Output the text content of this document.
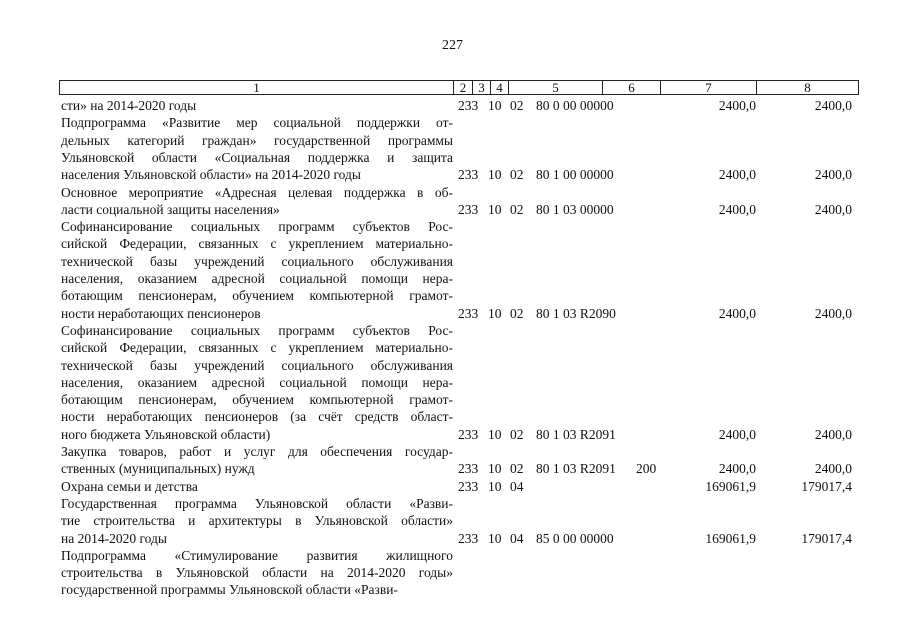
227
1	2 3 4	5	6	7	8
сти» на 2014-2020 годы	233 10 02 80 0 00 00000	2400,0	2400,0
Подпрограмма «Развитие мер социальной поддержки от-
дельных категорий граждан» государственной программы
Ульяновской области «Социальная поддержка и защита
населения Ульяновской области» на 2014-2020 годы	233 10 02 80 1 00 00000	2400,0	2400,0
Основное мероприятие «Адресная целевая поддержка в об-
ласти социальной защиты населения»	233 10 02 80 1 03 00000	2400,0	2400,0
Софинансирование социальных программ субъектов Рос-
сийской Федерации, связанных с укреплением материально-
технической базы учреждений социального обслуживания
населения, оказанием адресной социальной помощи нера-
ботающим пенсионерам, обучением компьютерной грамот-
ности неработающих пенсионеров	233 10 02 80 1 03 R2090	2400,0	2400,0
Софинансирование социальных программ субъектов Рос-
сийской Федерации, связанных с укреплением материально-
технической базы учреждений социального обслуживания
населения, оказанием адресной социальной помощи нера-
ботающим пенсионерам, обучением компьютерной грамот-
ности неработающих пенсионеров (за счёт средств област-
ного бюджета Ульяновской области)	233 10 02 80 1 03 R2091	2400,0	2400,0
Закупка товаров, работ и услуг для обеспечения государ-
ственных (муниципальных) нужд	233 10 02 80 1 03 R2091	200	2400,0	2400,0
Охрана семьи и детства	233 10 04	169061,9	179017,4
Государственная программа Ульяновской области «Разви-
тие строительства и архитектуры в Ульяновской области»
на 2014-2020 годы	233 10 04 85 0 00 00000	169061,9	179017,4
Подпрограмма «Стимулирование развития жилищного
строительства в Ульяновской области на 2014-2020 годы»
государственной программы Ульяновской области «Разви-
